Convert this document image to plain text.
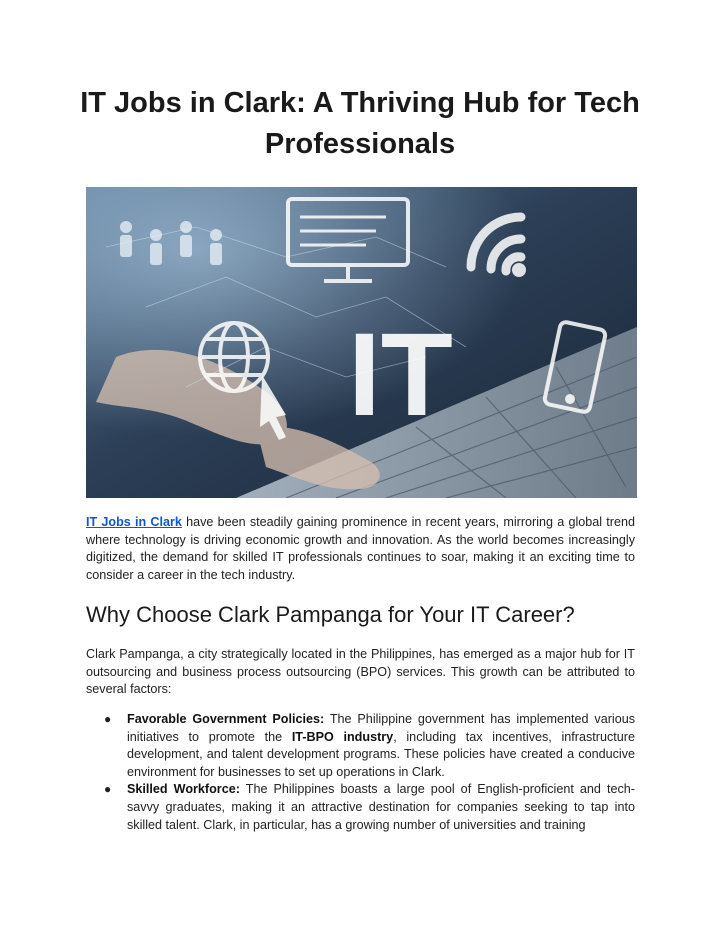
IT Jobs in Clark: A Thriving Hub for Tech Professionals
IT

IT Jobs in Clark have been steadily gaining prominence in recent years, mirroring a global trend where technology is driving economic growth and innovation. As the world becomes increasingly digitized, the demand for skilled IT professionals continues to soar, making it an exciting time to consider a career in the tech industry.

Why Choose Clark Pampanga for Your IT Career?

Clark Pampanga, a city strategically located in the Philippines, has emerged as a major hub for IT outsourcing and business process outsourcing (BPO) services. This growth can be attributed to several factors:

● Favorable Government Policies: The Philippine government has implemented various initiatives to promote the IT-BPO industry, including tax incentives, infrastructure development, and talent development programs. These policies have created a conducive environment for businesses to set up operations in Clark.
● Skilled Workforce: The Philippines boasts a large pool of English-proficient and tech-savvy graduates, making it an attractive destination for companies seeking to tap into skilled talent. Clark, in particular, has a growing number of universities and training
